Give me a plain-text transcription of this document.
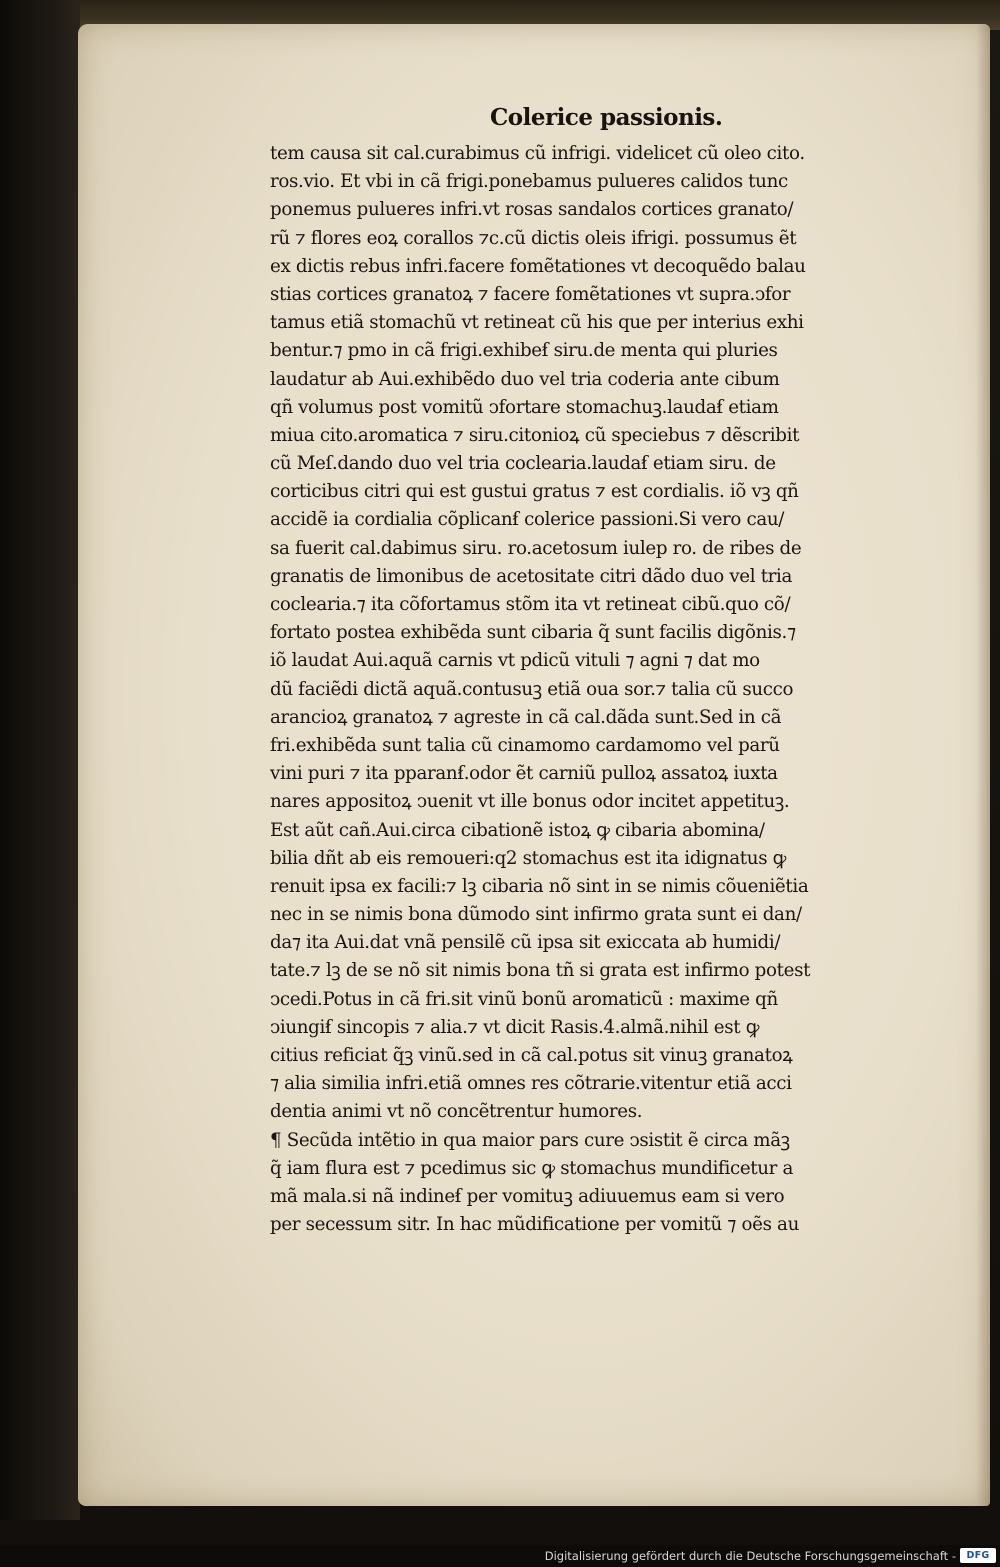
Colerice passionis.
tem causa sit cal.curabimus cũ infrigi. videlicet cũ oleo cito.
ros.vio. Et vbi in cã frigi.ponebamus pulueres calidos tunc
ponemus pulueres infri.vt rosas sandalos cortices granato/
rũ ⁊ flores eoꝝ corallos ⁊c.cũ dictis oleis ifrigi. possumus ẽt
ex dictis rebus infri.facere fomẽtationes vt decoquẽdo balau
stias cortices granatoꝝ ⁊ facere fomẽtationes vt supra.ↄfor
tamus etiã stomachũ vt retineat cũ his que per interius exhi
bentur.⁊ pmo in cã frigi.exhibeẜ siru.de menta qui pluries
laudatur ab Aui.exhibẽdo duo vel tria coderia ante cibum
qñ volumus post vomitũ ↄfortare stomachuꝫ.laudaẜ etiam
miua cito.aromatica ⁊ siru.citonioꝝ cũ speciebus ⁊ dẽscribit
cũ Meſ.dando duo vel tria coclearia.laudaẜ etiam siru. de
corticibus citri qui est gustui gratus ⁊ est cordialis. iõ vꝫ qñ
accidẽ ia cordialia cõplicanẜ colerice passioni.Si vero cau/
sa fuerit cal.dabimus siru. ro.acetosum iulep ro. de ribes de
granatis de limonibus de acetositate citri dãdo duo vel tria
coclearia.⁊ ita cõfortamus stõm ita vt retineat cibũ.quo cõ/
fortato postea exhibẽda sunt cibaria q̃ sunt facilis digõnis.⁊
iõ laudat Aui.aquã carnis vt pdicũ vituli ⁊ agni ⁊ dat mo
dũ faciẽdi dictã aquã.contusuꝫ etiã oua sor.⁊ talia cũ succo
arancioꝝ granatoꝝ ⁊ agreste in cã cal.dãda sunt.Sed in cã
fri.exhibẽda sunt talia cũ cinamomo cardamomo vel parũ
vini puri ⁊ ita pparanẜ.odor ẽt carniũ pulloꝝ assatoꝝ iuxta
nares appositoꝝ ↄuenit vt ille bonus odor incitet appetituꝫ.
Est aũt cañ.Aui.circa cibationẽ istoꝝ ꝙ cibaria abomina/
bilia dñt ab eis remoueri:q2 stomachus est ita idignatus ꝙ
renuit ipsa ex facili:⁊ lꝫ cibaria nõ sint in se nimis cõueniẽtia
nec in se nimis bona dũmodo sint infirmo grata sunt ei dan/
da⁊ ita Aui.dat vnã pensilẽ cũ ipsa sit exiccata ab humidi/
tate.⁊ lꝫ de se nõ sit nimis bona tñ si grata est infirmo potest
ↄcedi.Potus in cã fri.sit vinũ bonũ aromaticũ : maxime qñ
ↄiungiẜ sincopis ⁊ alia.⁊ vt dicit Rasis.4.almã.nihil est ꝙ
citius reficiat q̃ꝫ vinũ.sed in cã cal.potus sit vinuꝫ granatoꝝ
⁊ alia similia infri.etiã omnes res cõtrarie.vitentur etiã acci
dentia animi vt nõ concẽtrentur humores.
¶ Secũda intẽtio in qua maior pars cure ↄsistit ẽ circa mãꝫ
q̃ iam flura est ⁊ pcedimus sic ꝙ stomachus mundificetur a
mã mala.si nã indineẜ per vomituꝫ adiuuemus eam si vero
per secessum sitr. In hac mũdificatione per vomitũ ⁊ oẽs au
Digitalisierung gefördert durch die Deutsche Forschungsgemeinschaft -	DFG
